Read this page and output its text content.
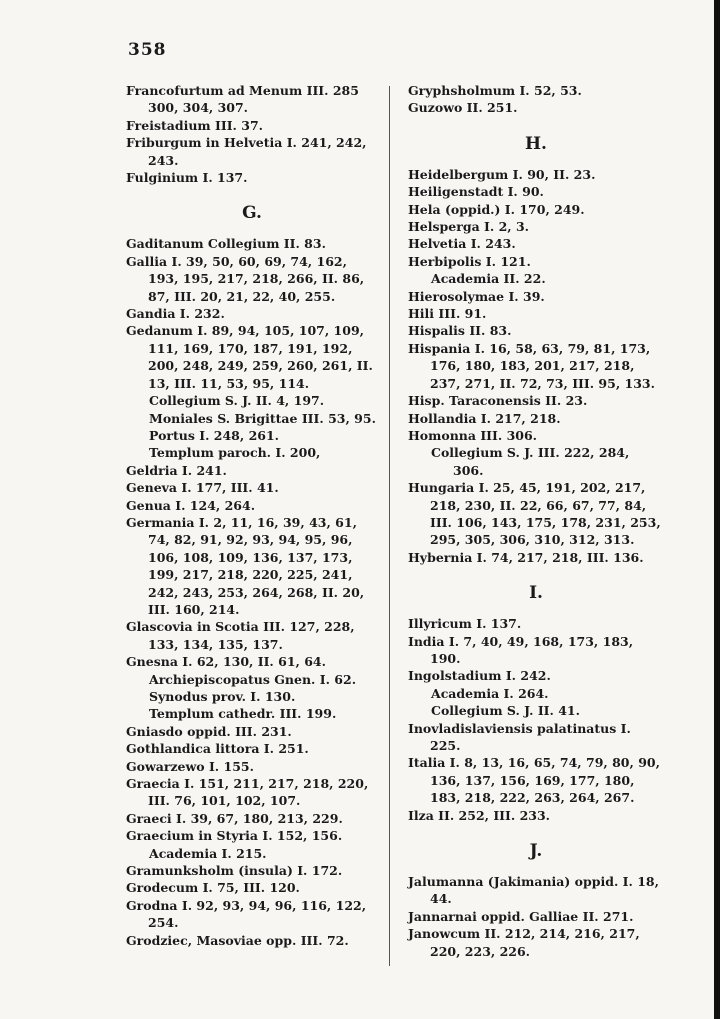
358
Francofurtum ad Menum III. 285 300, 304, 307.
Freistadium III. 37.
Friburgum in Helvetia I. 241, 242, 243.
Fulginium I. 137.
G.
Gaditanum Collegium II. 83.
Gallia I. 39, 50, 60, 69, 74, 162, 193, 195, 217, 218, 266, II. 86, 87, III. 20, 21, 22, 40, 255.
Gandia I. 232.
Gedanum I. 89, 94, 105, 107, 109, 111, 169, 170, 187, 191, 192, 200, 248, 249, 259, 260, 261, II. 13, III. 11, 53, 95, 114.
Collegium S. J. II. 4, 197.
Moniales S. Brigittae III. 53, 95.
Portus I. 248, 261.
Templum paroch. I. 200,
Geldria I. 241.
Geneva I. 177, III. 41.
Genua I. 124, 264.
Germania I. 2, 11, 16, 39, 43, 61, 74, 82, 91, 92, 93, 94, 95, 96, 106, 108, 109, 136, 137, 173, 199, 217, 218, 220, 225, 241, 242, 243, 253, 264, 268, II. 20, III. 160, 214.
Glascovia in Scotia III. 127, 228, 133, 134, 135, 137.
Gnesna I. 62, 130, II. 61, 64.
Archiepiscopatus Gnen. I. 62.
Synodus prov. I. 130.
Templum cathedr. III. 199.
Gniasdo oppid. III. 231.
Gothlandica littora I. 251.
Gowarzewo I. 155.
Graecia I. 151, 211, 217, 218, 220, III. 76, 101, 102, 107.
Graeci I. 39, 67, 180, 213, 229.
Graecium in Styria I. 152, 156.
Academia I. 215.
Gramunksholm (insula) I. 172.
Grodecum I. 75, III. 120.
Grodna I. 92, 93, 94, 96, 116, 122, 254.
Grodziec, Masoviae opp. III. 72.
Gryphsholmum I. 52, 53.
Guzowo II. 251.
H.
Heidelbergum I. 90, II. 23.
Heiligenstadt I. 90.
Hela (oppid.) I. 170, 249.
Helsperga I. 2, 3.
Helvetia I. 243.
Herbipolis I. 121.
Academia II. 22.
Hierosolymae I. 39.
Hili III. 91.
Hispalis II. 83.
Hispania I. 16, 58, 63, 79, 81, 173, 176, 180, 183, 201, 217, 218, 237, 271, II. 72, 73, III. 95, 133.
Hisp. Taraconensis II. 23.
Hollandia I. 217, 218.
Homonna III. 306.
Collegium S. J. III. 222, 284, 306.
Hungaria I. 25, 45, 191, 202, 217, 218, 230, II. 22, 66, 67, 77, 84, III. 106, 143, 175, 178, 231, 253, 295, 305, 306, 310, 312, 313.
Hybernia I. 74, 217, 218, III. 136.
I.
Illyricum I. 137.
India I. 7, 40, 49, 168, 173, 183, 190.
Ingolstadium I. 242.
Academia I. 264.
Collegium S. J. II. 41.
Inovladislaviensis palatinatus I. 225.
Italia I. 8, 13, 16, 65, 74, 79, 80, 90, 136, 137, 156, 169, 177, 180, 183, 218, 222, 263, 264, 267.
Ilza II. 252, III. 233.
J.
Jalumanna (Jakimania) oppid. I. 18, 44.
Jannarnai oppid. Galliae II. 271.
Janowcum II. 212, 214, 216, 217, 220, 223, 226.
